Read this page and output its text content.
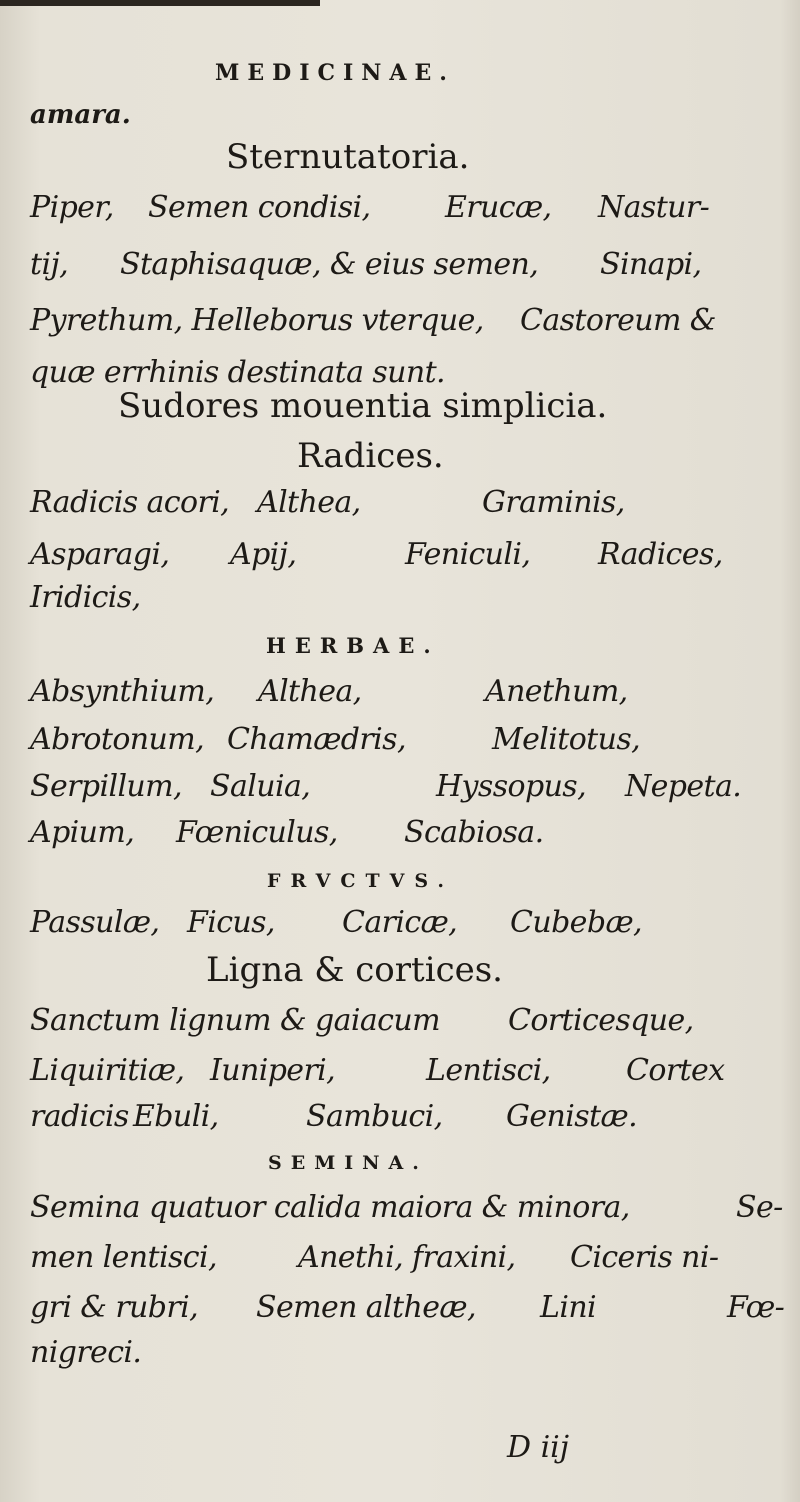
MEDICINAE.
amara.
Sternutatoria.
Piper, Semen condisi, Erucæ, Nastur-
tij, Staphisaquæ, & eius semen, Sinapi,
Pyrethum, Helleborus vterque, Castoreum &
quæ errhinis destinata sunt.
Sudores mouentia simplicia.
Radices.
Radicis acori, Althea,	Graminis,
Asparagi, Apij,	Feniculi, Radices,
Iridicis,
HERBAE.
Absynthium, Althea,	Anethum,
Abrotonum, Chamædris,	Melitotus,
Serpillum, Saluia,	Hyssopus, Nepeta.
Apium, Fœniculus, Scabiosa.
FRVCTVS.
Passulæ, Ficus, Caricæ, Cubebæ,
Ligna & cortices.
Sanctum lignum & gaiacum Corticesque,
Liquiritiæ, Iuniperi,	Lentisci,	Cortex
radicis Ebuli,	Sambuci, Genistæ.
SEMINA.
Semina quatuor calida maiora & minora,	Se-
men lentisci,	Anethi, fraxini, Ciceris ni-
gri & rubri, Semen altheæ, Lini	Fœ-
nigreci.
D iij
